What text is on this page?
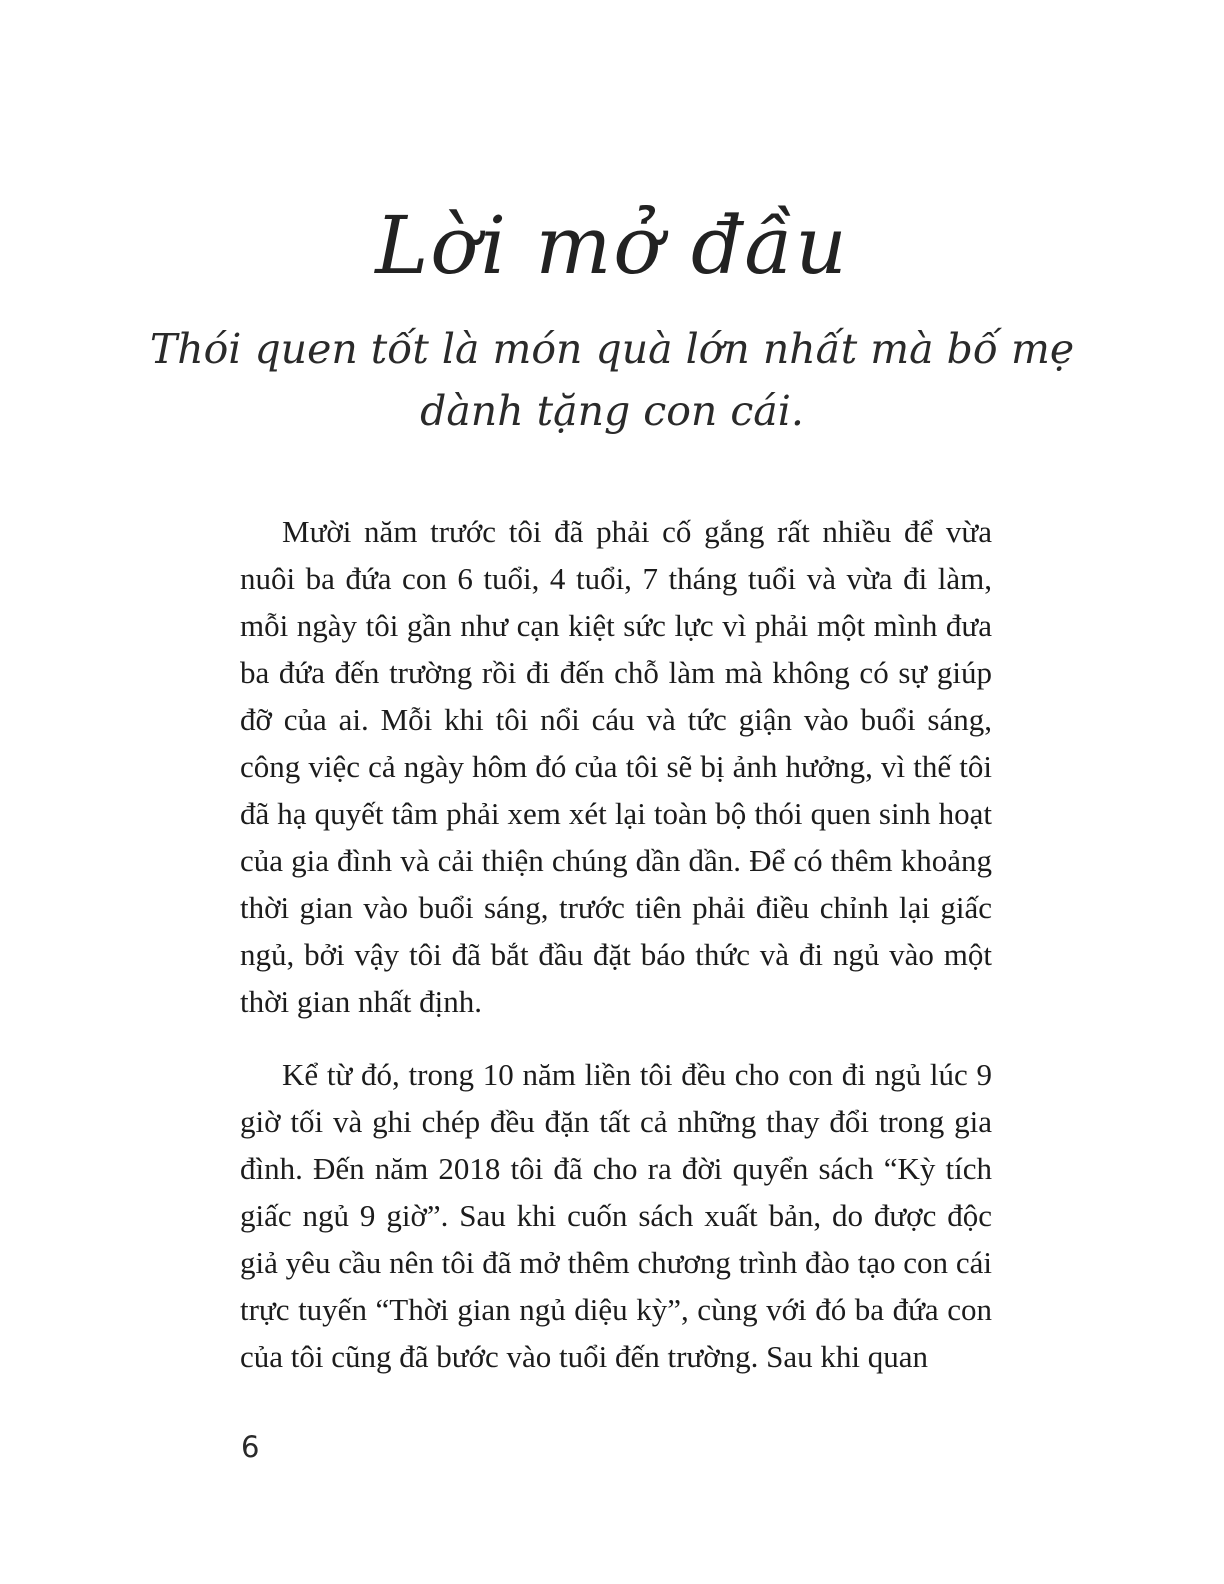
Lời mở đầu
Thói quen tốt là món quà lớn nhất mà bố mẹ
dành tặng con cái.

Mười năm trước tôi đã phải cố gắng rất nhiều để vừa nuôi ba đứa con 6 tuổi, 4 tuổi, 7 tháng tuổi và vừa đi làm, mỗi ngày tôi gần như cạn kiệt sức lực vì phải một mình đưa ba đứa đến trường rồi đi đến chỗ làm mà không có sự giúp đỡ của ai. Mỗi khi tôi nổi cáu và tức giận vào buổi sáng, công việc cả ngày hôm đó của tôi sẽ bị ảnh hưởng, vì thế tôi đã hạ quyết tâm phải xem xét lại toàn bộ thói quen sinh hoạt của gia đình và cải thiện chúng dần dần. Để có thêm khoảng thời gian vào buổi sáng, trước tiên phải điều chỉnh lại giấc ngủ, bởi vậy tôi đã bắt đầu đặt báo thức và đi ngủ vào một thời gian nhất định.

Kể từ đó, trong 10 năm liền tôi đều cho con đi ngủ lúc 9 giờ tối và ghi chép đều đặn tất cả những thay đổi trong gia đình. Đến năm 2018 tôi đã cho ra đời quyển sách “Kỳ tích giấc ngủ 9 giờ”. Sau khi cuốn sách xuất bản, do được độc giả yêu cầu nên tôi đã mở thêm chương trình đào tạo con cái trực tuyến “Thời gian ngủ diệu kỳ”, cùng với đó ba đứa con của tôi cũng đã bước vào tuổi đến trường. Sau khi quan

6
